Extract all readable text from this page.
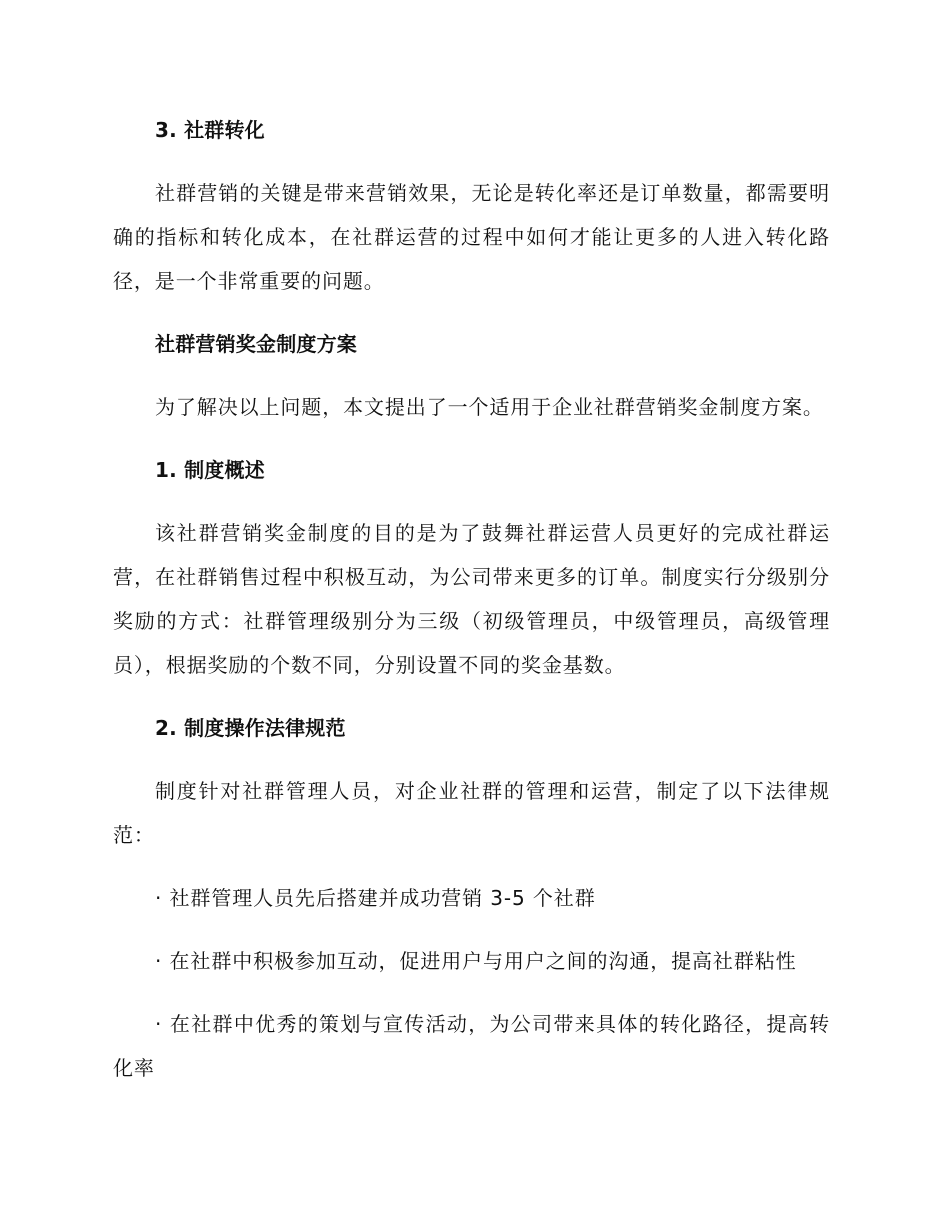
3. 社群转化

社群营销的关键是带来营销效果，无论是转化率还是订单数量，都需要明确的指标和转化成本，在社群运营的过程中如何才能让更多的人进入转化路径，是一个非常重要的问题。

社群营销奖金制度方案

为了解决以上问题，本文提出了一个适用于企业社群营销奖金制度方案。

1. 制度概述

该社群营销奖金制度的目的是为了鼓舞社群运营人员更好的完成社群运营，在社群销售过程中积极互动，为公司带来更多的订单。制度实行分级别分奖励的方式：社群管理级别分为三级（初级管理员，中级管理员，高级管理员），根据奖励的个数不同，分别设置不同的奖金基数。

2. 制度操作法律规范

制度针对社群管理人员，对企业社群的管理和运营，制定了以下法律规范：

· 社群管理人员先后搭建并成功营销 3-5 个社群

· 在社群中积极参加互动，促进用户与用户之间的沟通，提高社群粘性

· 在社群中优秀的策划与宣传活动，为公司带来具体的转化路径，提高转化率
